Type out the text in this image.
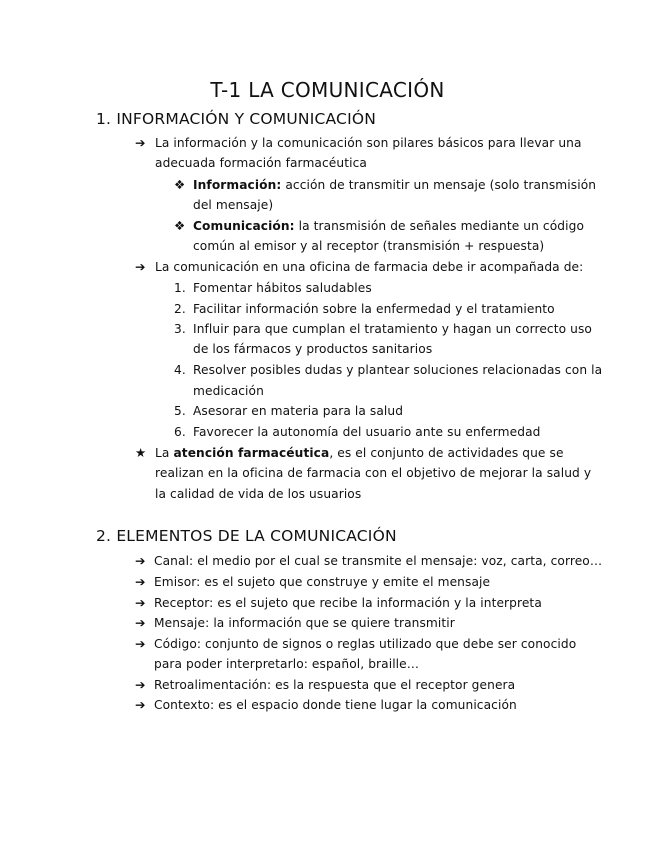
T-1 LA COMUNICACIÓN
1. INFORMACIÓN Y COMUNICACIÓN
➔ La información y la comunicación son pilares básicos para llevar una
adecuada formación farmacéutica
❖ Información: acción de transmitir un mensaje (solo transmisión
del mensaje)
❖ Comunicación: la transmisión de señales mediante un código
común al emisor y al receptor (transmisión + respuesta)
➔ La comunicación en una oficina de farmacia debe ir acompañada de:
1. Fomentar hábitos saludables
2. Facilitar información sobre la enfermedad y el tratamiento
3. Influir para que cumplan el tratamiento y hagan un correcto uso
de los fármacos y productos sanitarios
4. Resolver posibles dudas y plantear soluciones relacionadas con la
medicación
5. Asesorar en materia para la salud
6. Favorecer la autonomía del usuario ante su enfermedad
★ La atención farmacéutica, es el conjunto de actividades que se
realizan en la oficina de farmacia con el objetivo de mejorar la salud y
la calidad de vida de los usuarios
2. ELEMENTOS DE LA COMUNICACIÓN
➔ Canal: el medio por el cual se transmite el mensaje: voz, carta, correo…
➔ Emisor: es el sujeto que construye y emite el mensaje
➔ Receptor: es el sujeto que recibe la información y la interpreta
➔ Mensaje: la información que se quiere transmitir
➔ Código: conjunto de signos o reglas utilizado que debe ser conocido
para poder interpretarlo: español, braille…
➔ Retroalimentación: es la respuesta que el receptor genera
➔ Contexto: es el espacio donde tiene lugar la comunicación
